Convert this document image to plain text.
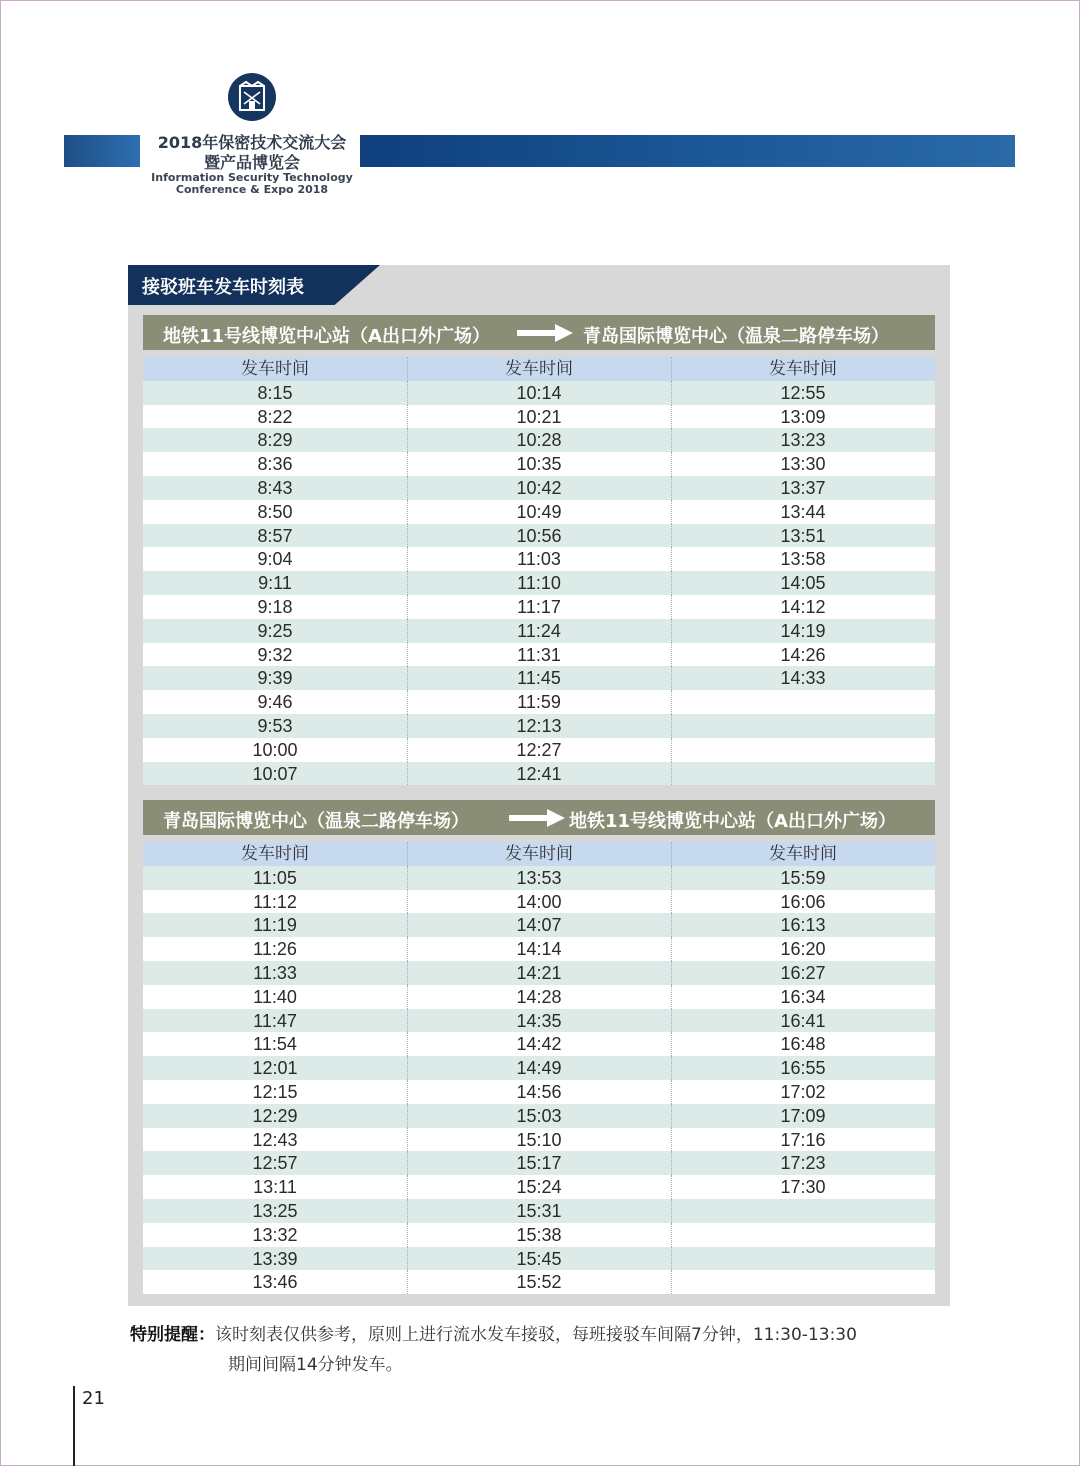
2018年保密技术交流大会
暨产品博览会
Information Security Technology
Conference & Expo 2018
接驳班车发车时刻表
地铁11号线博览中心站（A出口外广场）	青岛国际博览中心（温泉二路停车场）
发车时间	发车时间	发车时间
8:15	10:14	12:55
8:22	10:21	13:09
8:29	10:28	13:23
8:36	10:35	13:30
8:43	10:42	13:37
8:50	10:49	13:44
8:57	10:56	13:51
9:04	11:03	13:58
9:11	11:10	14:05
9:18	11:17	14:12
9:25	11:24	14:19
9:32	11:31	14:26
9:39	11:45	14:33
9:46	11:59
9:53	12:13
10:00	12:27
10:07	12:41
青岛国际博览中心（温泉二路停车场）	地铁11号线博览中心站（A出口外广场）
发车时间	发车时间	发车时间
11:05	13:53	15:59
11:12	14:00	16:06
11:19	14:07	16:13
11:26	14:14	16:20
11:33	14:21	16:27
11:40	14:28	16:34
11:47	14:35	16:41
11:54	14:42	16:48
12:01	14:49	16:55
12:15	14:56	17:02
12:29	15:03	17:09
12:43	15:10	17:16
12:57	15:17	17:23
13:11	15:24	17:30
13:25	15:31
13:32	15:38
13:39	15:45
13:46	15:52
特别提醒：该时刻表仅供参考，原则上进行流水发车接驳，每班接驳车间隔7分钟，11:30-13:30
期间间隔14分钟发车。
21
